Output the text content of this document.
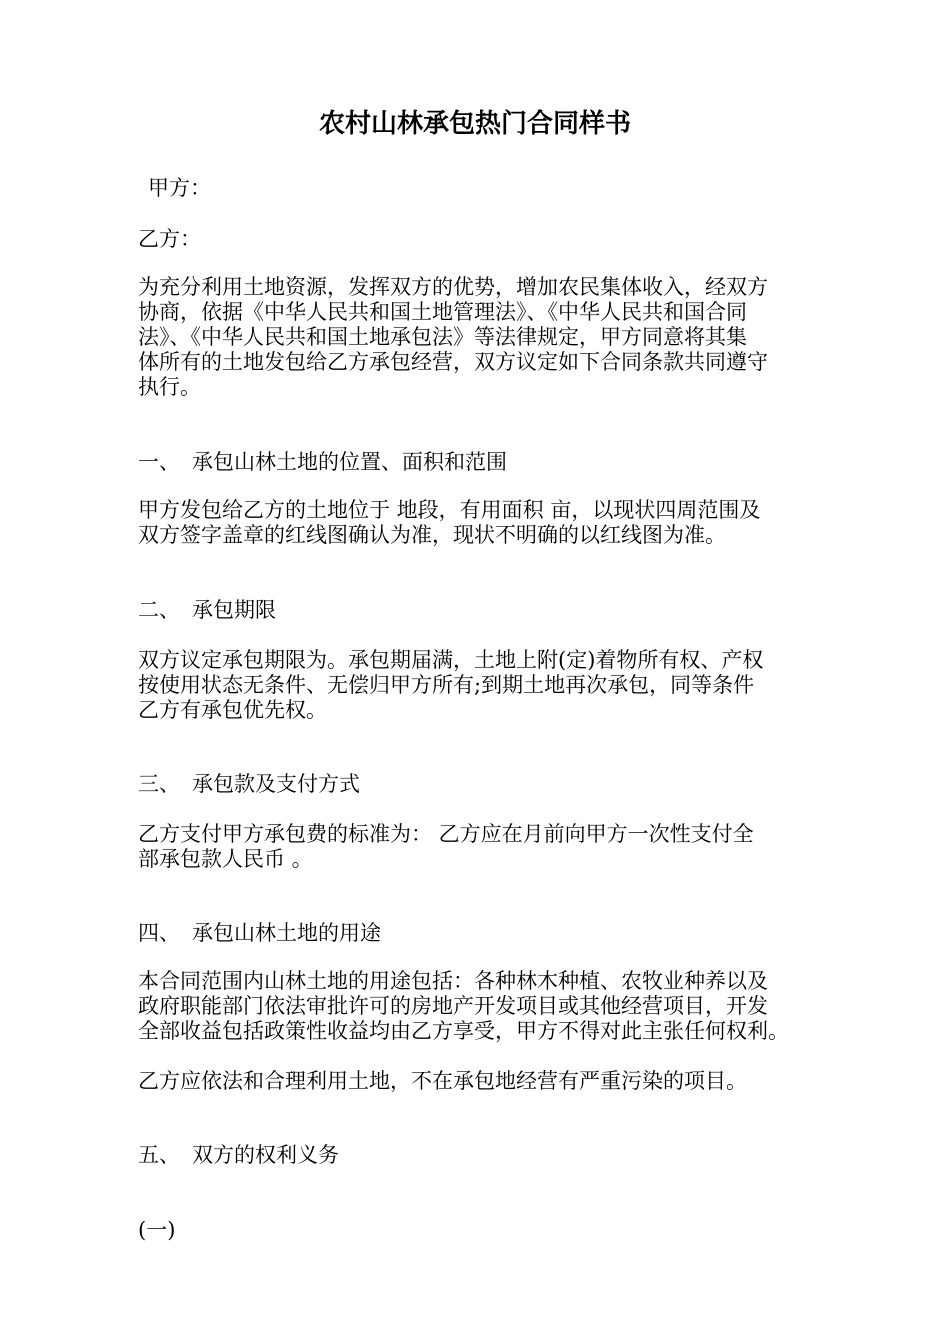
农村山林承包热门合同样书

甲方：

乙方：

为充分利用土地资源，发挥双方的优势，增加农民集体收入，经双方
协商，依据《中华人民共和国土地管理法》、《中华人民共和国合同
法》、《中华人民共和国土地承包法》等法律规定，甲方同意将其集
体所有的土地发包给乙方承包经营，双方议定如下合同条款共同遵守
执行。

一、 承包山林土地的位置、面积和范围

甲方发包给乙方的土地位于 地段，有用面积 亩，以现状四周范围及
双方签字盖章的红线图确认为准，现状不明确的以红线图为准。

二、 承包期限

双方议定承包期限为。承包期届满，土地上附(定)着物所有权、产权
按使用状态无条件、无偿归甲方所有;到期土地再次承包，同等条件
乙方有承包优先权。

三、 承包款及支付方式

乙方支付甲方承包费的标准为： 乙方应在月前向甲方一次性支付全
部承包款人民币 。

四、 承包山林土地的用途

本合同范围内山林土地的用途包括：各种林木种植、农牧业种养以及
政府职能部门依法审批许可的房地产开发项目或其他经营项目，开发
全部收益包括政策性收益均由乙方享受，甲方不得对此主张任何权利。
乙方应依法和合理利用土地，不在承包地经营有严重污染的项目。

五、 双方的权利义务

(一)
